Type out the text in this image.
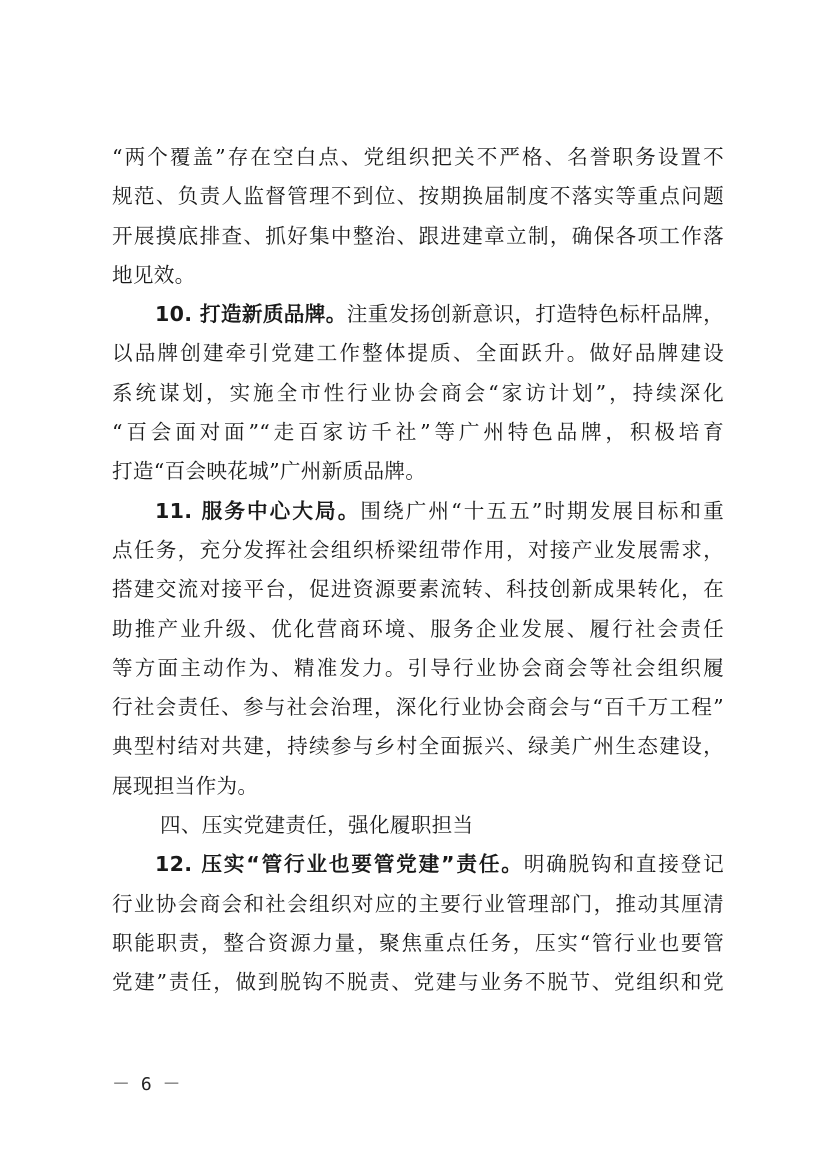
“两个覆盖”存在空白点、党组织把关不严格、名誉职务设置不
规范、负责人监督管理不到位、按期换届制度不落实等重点问题
开展摸底排查、抓好集中整治、跟进建章立制，确保各项工作落
地见效。
10. 打造新质品牌。注重发扬创新意识，打造特色标杆品牌，
以品牌创建牵引党建工作整体提质、全面跃升。做好品牌建设
系统谋划，实施全市性行业协会商会“家访计划”，持续深化
“百会面对面”“走百家访千社”等广州特色品牌，积极培育
打造“百会映花城”广州新质品牌。
11. 服务中心大局。围绕广州“十五五”时期发展目标和重
点任务，充分发挥社会组织桥梁纽带作用，对接产业发展需求，
搭建交流对接平台，促进资源要素流转、科技创新成果转化，在
助推产业升级、优化营商环境、服务企业发展、履行社会责任
等方面主动作为、精准发力。引导行业协会商会等社会组织履
行社会责任、参与社会治理，深化行业协会商会与“百千万工程”
典型村结对共建，持续参与乡村全面振兴、绿美广州生态建设，
展现担当作为。
四、压实党建责任，强化履职担当
12. 压实“管行业也要管党建”责任。明确脱钩和直接登记
行业协会商会和社会组织对应的主要行业管理部门，推动其厘清
职能职责，整合资源力量，聚焦重点任务，压实“管行业也要管
党建”责任，做到脱钩不脱责、党建与业务不脱节、党组织和党
－ 6 －
